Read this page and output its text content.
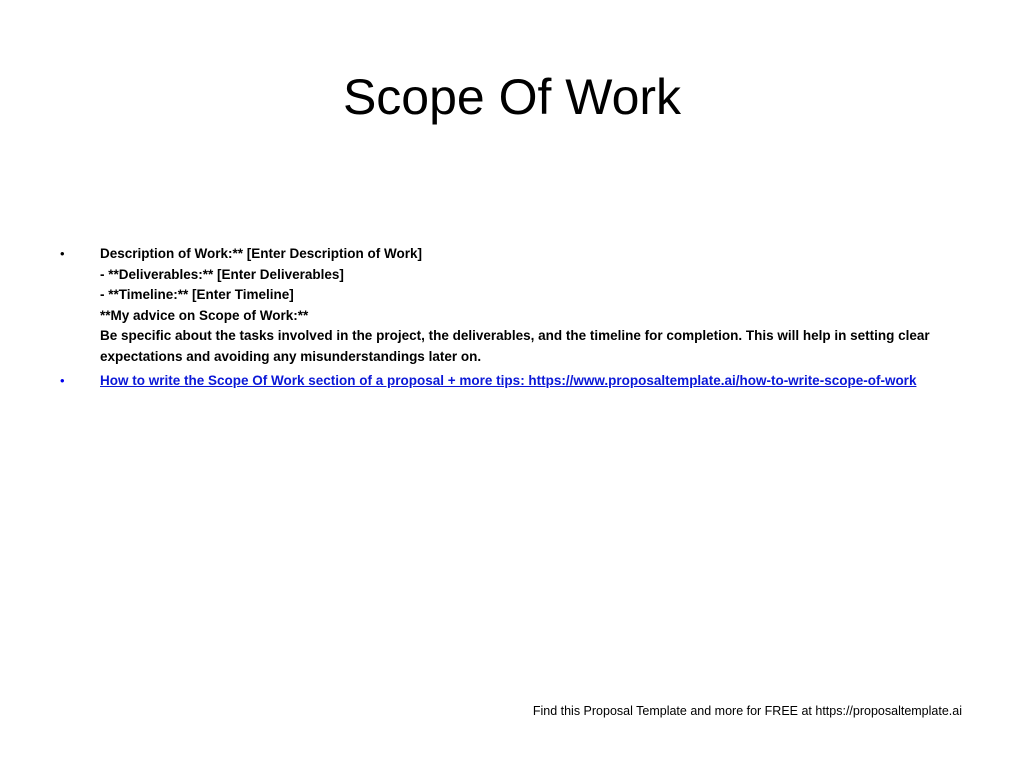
Scope Of Work
•	Description of Work:** [Enter Description of Work]
- **Deliverables:** [Enter Deliverables]
- **Timeline:** [Enter Timeline]
**My advice on Scope of Work:**
Be specific about the tasks involved in the project, the deliverables, and the timeline for completion. This will help in setting clear expectations and avoiding any misunderstandings later on.
•	How to write the Scope Of Work section of a proposal + more tips: https://www.proposaltemplate.ai/how-to-write-scope-of-work
Find this Proposal Template and more for FREE at https://proposaltemplate.ai
